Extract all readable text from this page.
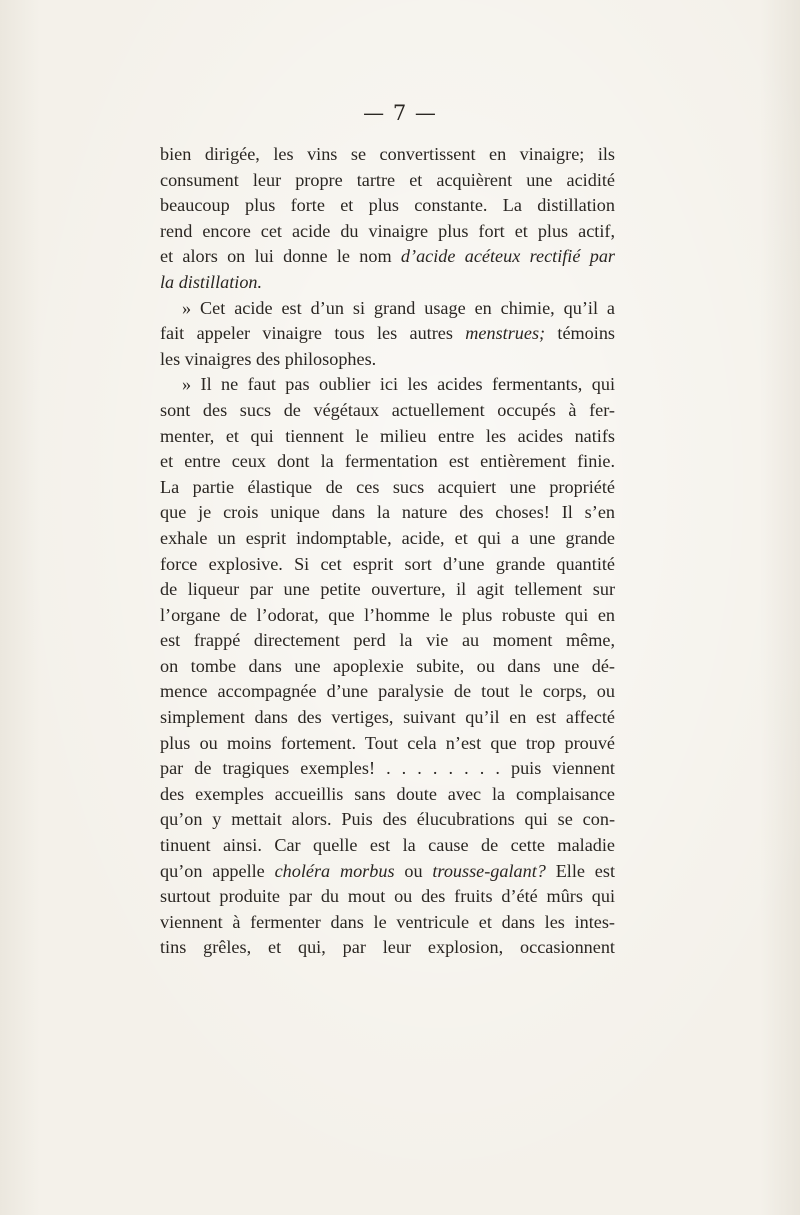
— 7 —
bien dirigée, les vins se convertissent en vinaigre; ils
consument leur propre tartre et acquièrent une acidité
beaucoup plus forte et plus constante. La distillation
rend encore cet acide du vinaigre plus fort et plus actif,
et alors on lui donne le nom d’acide acéteux rectifié par
la distillation.
» Cet acide est d’un si grand usage en chimie, qu’il a
fait appeler vinaigre tous les autres menstrues; témoins
les vinaigres des philosophes.
» Il ne faut pas oublier ici les acides fermentants, qui
sont des sucs de végétaux actuellement occupés à fer-
menter, et qui tiennent le milieu entre les acides natifs
et entre ceux dont la fermentation est entièrement finie.
La partie élastique de ces sucs acquiert une propriété
que je crois unique dans la nature des choses! Il s’en
exhale un esprit indomptable, acide, et qui a une grande
force explosive. Si cet esprit sort d’une grande quantité
de liqueur par une petite ouverture, il agit tellement sur
l’organe de l’odorat, que l’homme le plus robuste qui en
est frappé directement perd la vie au moment même,
on tombe dans une apoplexie subite, ou dans une dé-
mence accompagnée d’une paralysie de tout le corps, ou
simplement dans des vertiges, suivant qu’il en est affecté
plus ou moins fortement. Tout cela n’est que trop prouvé
par de tragiques exemples! . . . . . . . . puis viennent
des exemples accueillis sans doute avec la complaisance
qu’on y mettait alors. Puis des élucubrations qui se con-
tinuent ainsi. Car quelle est la cause de cette maladie
qu’on appelle choléra morbus ou trousse-galant? Elle est
surtout produite par du mout ou des fruits d’été mûrs qui
viennent à fermenter dans le ventricule et dans les intes-
tins grêles, et qui, par leur explosion, occasionnent
